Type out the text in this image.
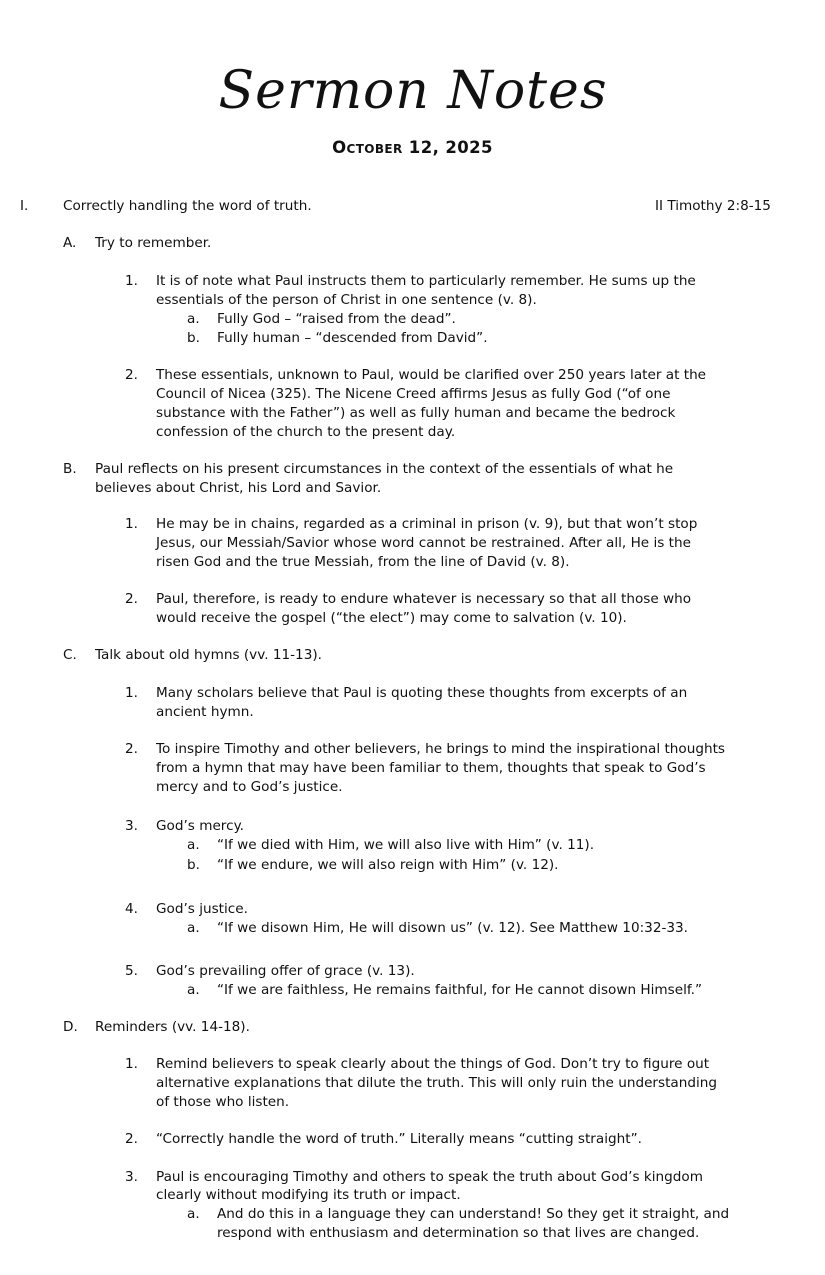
Sermon Notes
October 12, 2025
I.	Correctly handling the word of truth.	II Timothy 2:8-15
A. Try to remember.
1. It is of note what Paul instructs them to particularly remember. He sums up the
essentials of the person of Christ in one sentence (v. 8).
a. Fully God – “raised from the dead”.
b. Fully human – “descended from David”.
2. These essentials, unknown to Paul, would be clarified over 250 years later at the
Council of Nicea (325). The Nicene Creed affirms Jesus as fully God (“of one
substance with the Father”) as well as fully human and became the bedrock
confession of the church to the present day.
B. Paul reflects on his present circumstances in the context of the essentials of what he
believes about Christ, his Lord and Savior.
1. He may be in chains, regarded as a criminal in prison (v. 9), but that won’t stop
Jesus, our Messiah/Savior whose word cannot be restrained. After all, He is the
risen God and the true Messiah, from the line of David (v. 8).
2. Paul, therefore, is ready to endure whatever is necessary so that all those who
would receive the gospel (“the elect”) may come to salvation (v. 10).
C. Talk about old hymns (vv. 11-13).
1. Many scholars believe that Paul is quoting these thoughts from excerpts of an
ancient hymn.
2. To inspire Timothy and other believers, he brings to mind the inspirational thoughts
from a hymn that may have been familiar to them, thoughts that speak to God’s
mercy and to God’s justice.
3. God’s mercy.
a. “If we died with Him, we will also live with Him” (v. 11).
b. “If we endure, we will also reign with Him” (v. 12).
4. God’s justice.
a. “If we disown Him, He will disown us” (v. 12). See Matthew 10:32-33.
5. God’s prevailing offer of grace (v. 13).
a. “If we are faithless, He remains faithful, for He cannot disown Himself.”
D. Reminders (vv. 14-18).
1. Remind believers to speak clearly about the things of God. Don’t try to figure out
alternative explanations that dilute the truth. This will only ruin the understanding
of those who listen.
2. “Correctly handle the word of truth.” Literally means “cutting straight”.
3. Paul is encouraging Timothy and others to speak the truth about God’s kingdom
clearly without modifying its truth or impact.
a. And do this in a language they can understand! So they get it straight, and
respond with enthusiasm and determination so that lives are changed.
